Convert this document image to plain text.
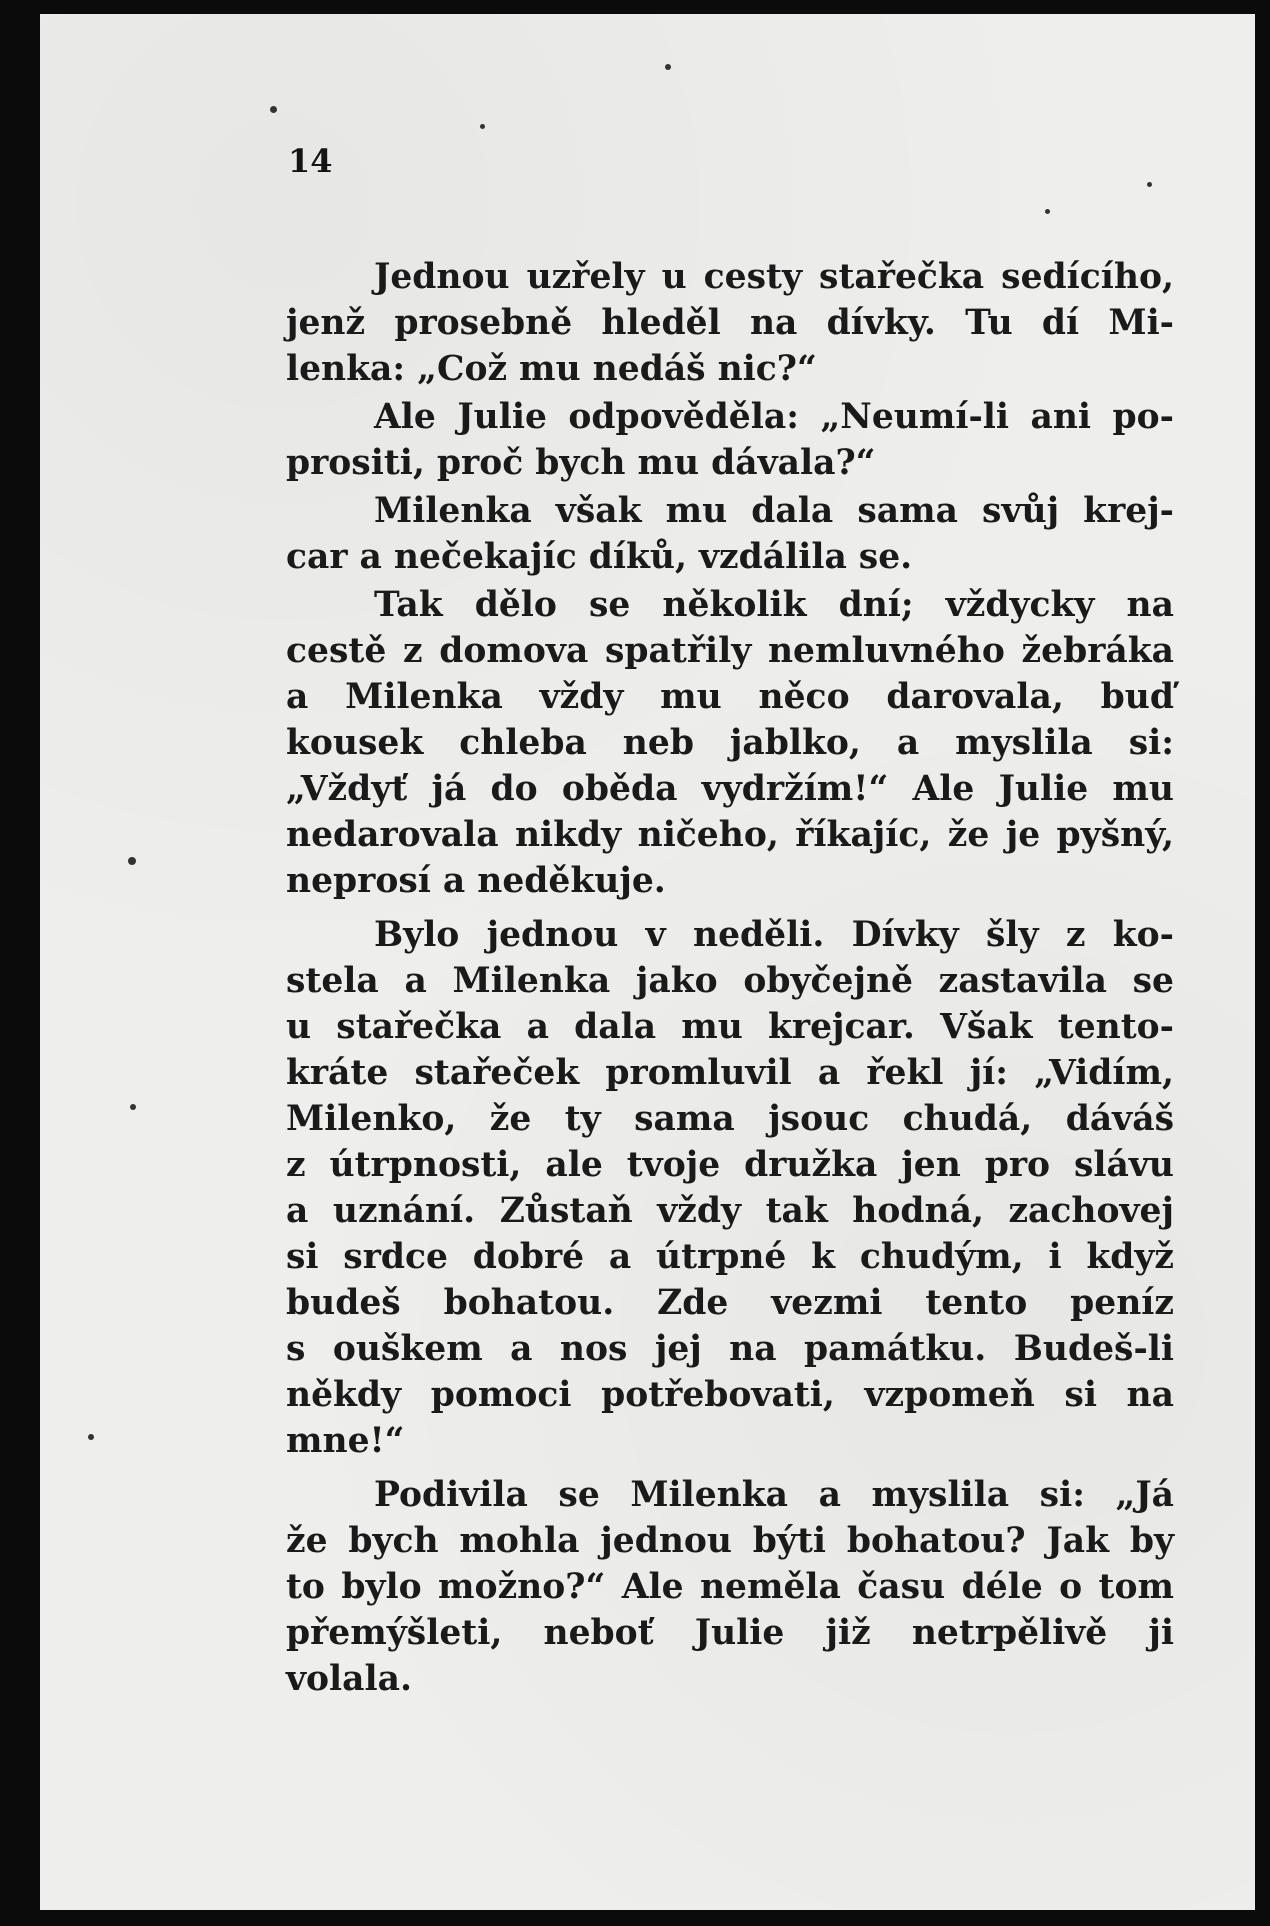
14
Jednou uzřely u cesty stařečka sedícího,
jenž prosebně hleděl na dívky. Tu dí Mi-
lenka: „Což mu nedáš nic?“
Ale Julie odpověděla: „Neumí-li ani po-
prositi, proč bych mu dávala?“
Milenka však mu dala sama svůj krej-
car a nečekajíc díků, vzdálila se.
Tak dělo se několik dní; vždycky na
cestě z domova spatřily nemluvného žebráka
a Milenka vždy mu něco darovala, buď
kousek chleba neb jablko, a myslila si:
„Vždyť já do oběda vydržím!“ Ale Julie mu
nedarovala nikdy ničeho, říkajíc, že je pyšný,
neprosí a neděkuje.
Bylo jednou v neděli. Dívky šly z ko-
stela a Milenka jako obyčejně zastavila se
u stařečka a dala mu krejcar. Však tento-
kráte stařeček promluvil a řekl jí: „Vidím,
Milenko, že ty sama jsouc chudá, dáváš
z útrpnosti, ale tvoje družka jen pro slávu
a uznání. Zůstaň vždy tak hodná, zachovej
si srdce dobré a útrpné k chudým, i když
budeš bohatou. Zde vezmi tento peníz
s ouškem a nos jej na památku. Budeš-li
někdy pomoci potřebovati, vzpomeň si na
mne!“
Podivila se Milenka a myslila si: „Já
že bych mohla jednou býti bohatou? Jak by
to bylo možno?“ Ale neměla času déle o tom
přemýšleti, neboť Julie již netrpělivě ji
volala.
